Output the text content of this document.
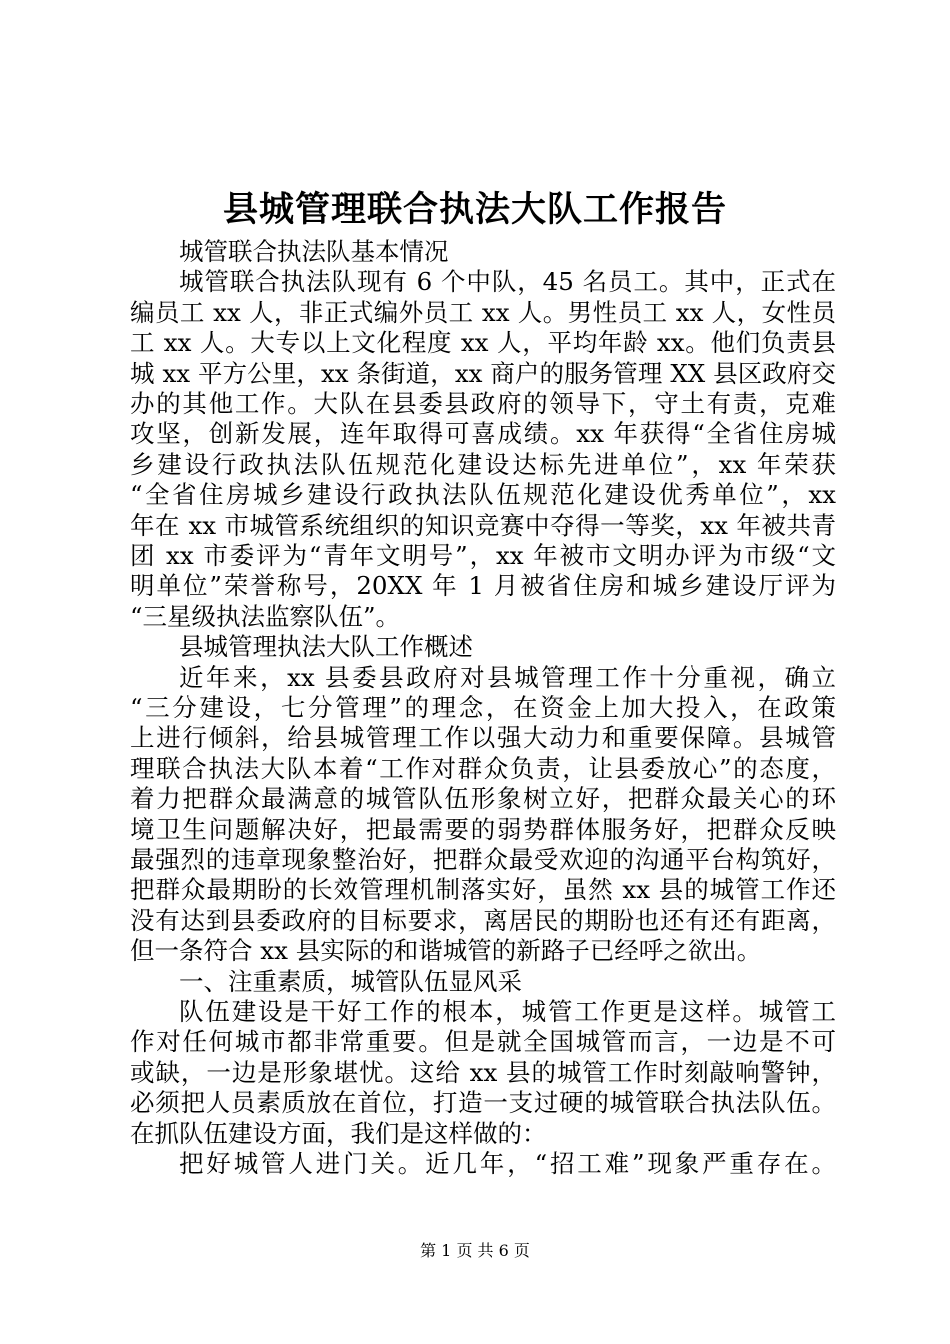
县城管理联合执法大队工作报告
城管联合执法队基本情况
城管联合执法队现有 6 个中队，45 名员工。其中，正式在
编员工 xx 人，非正式编外员工 xx 人。男性员工 xx 人，女性员
工 xx 人。大专以上文化程度 xx 人，平均年龄 xx。他们负责县
城 xx 平方公里，xx 条街道，xx 商户的服务管理 XX 县区政府交
办的其他工作。大队在县委县政府的领导下，守土有责，克难
攻坚，创新发展，连年取得可喜成绩。xx 年获得“全省住房城
乡建设行政执法队伍规范化建设达标先进单位”，xx 年荣获
“全省住房城乡建设行政执法队伍规范化建设优秀单位”，xx
年在 xx 市城管系统组织的知识竞赛中夺得一等奖，xx 年被共青
团 xx 市委评为“青年文明号”，xx 年被市文明办评为市级“文
明单位”荣誉称号，20XX 年 1 月被省住房和城乡建设厅评为
“三星级执法监察队伍”。
县城管理执法大队工作概述
近年来，xx 县委县政府对县城管理工作十分重视，确立
“三分建设，七分管理”的理念，在资金上加大投入，在政策
上进行倾斜，给县城管理工作以强大动力和重要保障。县城管
理联合执法大队本着“工作对群众负责，让县委放心”的态度，
着力把群众最满意的城管队伍形象树立好，把群众最关心的环
境卫生问题解决好，把最需要的弱势群体服务好，把群众反映
最强烈的违章现象整治好，把群众最受欢迎的沟通平台构筑好，
把群众最期盼的长效管理机制落实好，虽然 xx 县的城管工作还
没有达到县委政府的目标要求，离居民的期盼也还有还有距离，
但一条符合 xx 县实际的和谐城管的新路子已经呼之欲出。
一、注重素质，城管队伍显风采
队伍建设是干好工作的根本，城管工作更是这样。城管工
作对任何城市都非常重要。但是就全国城管而言，一边是不可
或缺，一边是形象堪忧。这给 xx 县的城管工作时刻敲响警钟，
必须把人员素质放在首位，打造一支过硬的城管联合执法队伍。
在抓队伍建设方面，我们是这样做的：
把好城管人进门关。近几年，“招工难”现象严重存在。
第 1 页 共 6 页
